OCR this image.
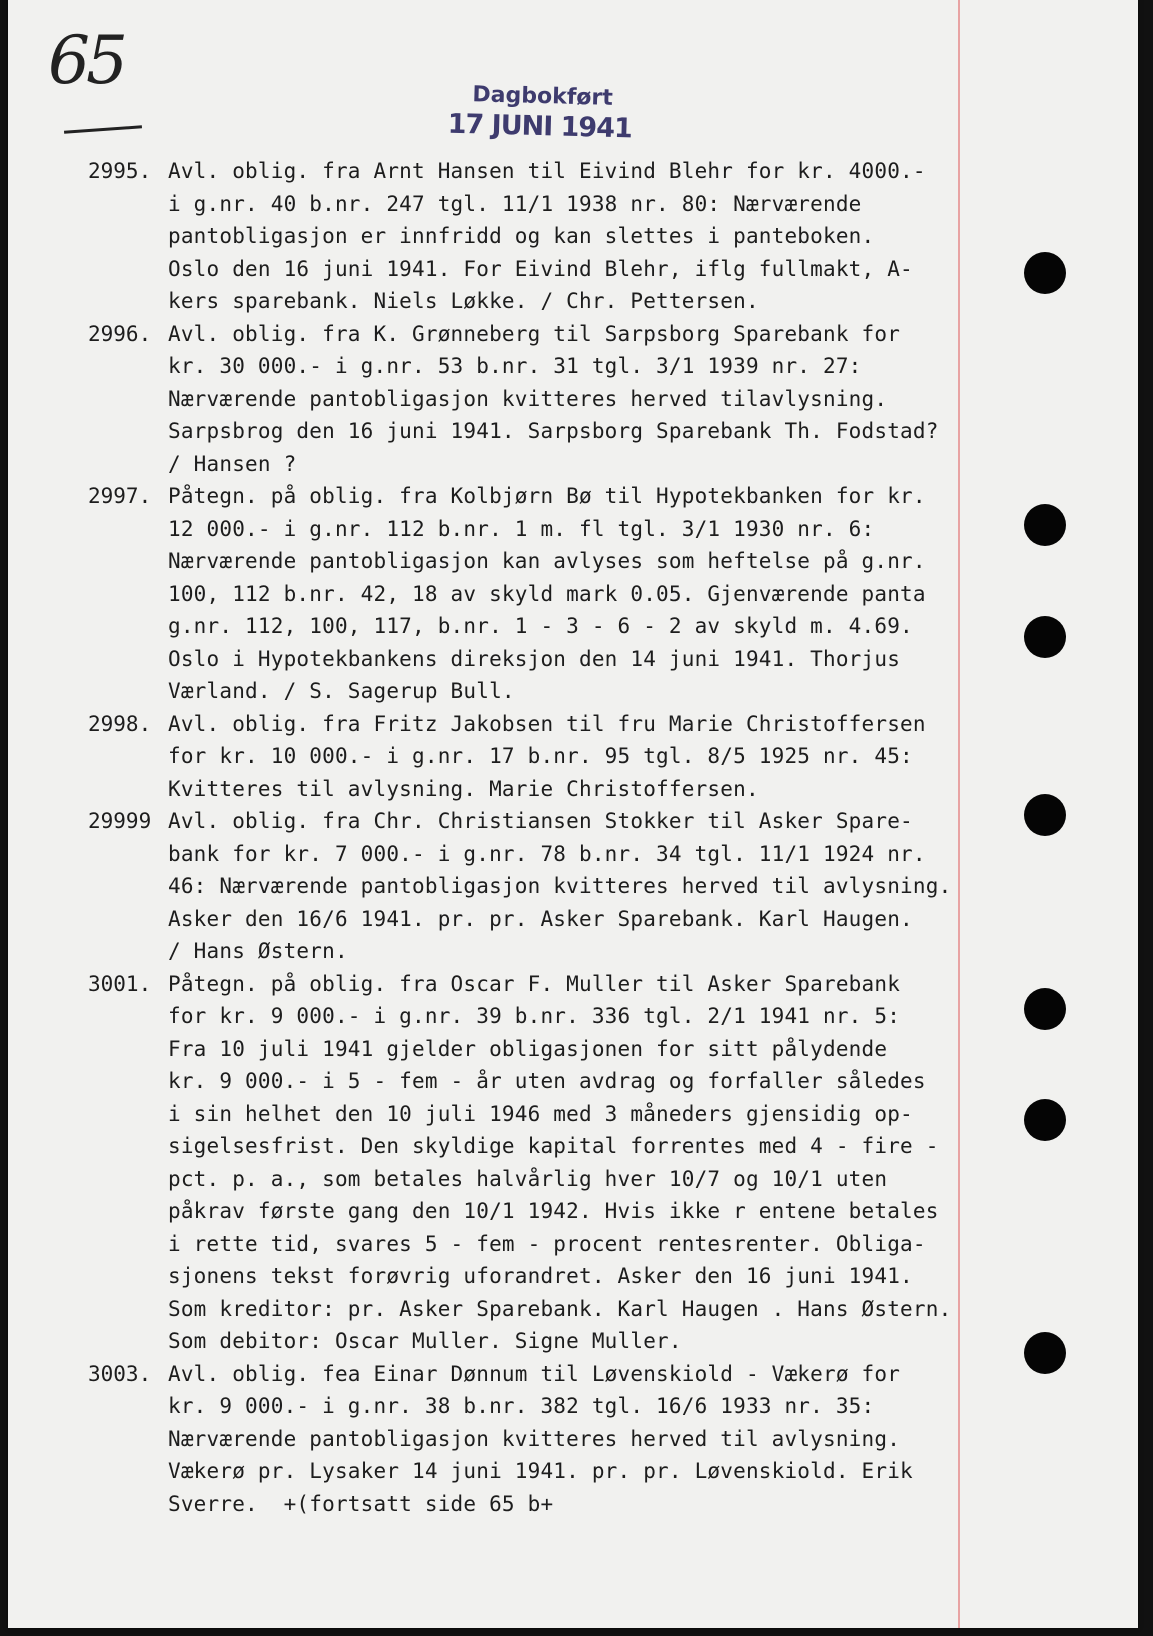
65	Dagbokført
17 JUNI 1941
2995. Avl. oblig. fra Arnt Hansen til Eivind Blehr for kr. 4000.-
i g.nr. 40 b.nr. 247 tgl. 11/1 1938 nr. 80: Nærværende
pantobligasjon er innfridd og kan slettes i panteboken.
Oslo den 16 juni 1941. For Eivind Blehr, iflg fullmakt, A-
kers sparebank. Niels Løkke. / Chr. Pettersen.
2996. Avl. oblig. fra K. Grønneberg til Sarpsborg Sparebank for
kr. 30 000.- i g.nr. 53 b.nr. 31 tgl. 3/1 1939 nr. 27:
Nærværende pantobligasjon kvitteres herved tilavlysning.
Sarpsbrog den 16 juni 1941. Sarpsborg Sparebank Th. Fodstad?
/ Hansen ?
2997. Påtegn. på oblig. fra Kolbjørn Bø til Hypotekbanken for kr.
12 000.- i g.nr. 112 b.nr. 1 m. fl tgl. 3/1 1930 nr. 6:
Nærværende pantobligasjon kan avlyses som heftelse på g.nr.
100, 112 b.nr. 42, 18 av skyld mark 0.05. Gjenværende panta
g.nr. 112, 100, 117, b.nr. 1 - 3 - 6 - 2 av skyld m. 4.69.
Oslo i Hypotekbankens direksjon den 14 juni 1941. Thorjus
Værland. / S. Sagerup Bull.
2998. Avl. oblig. fra Fritz Jakobsen til fru Marie Christoffersen
for kr. 10 000.- i g.nr. 17 b.nr. 95 tgl. 8/5 1925 nr. 45:
Kvitteres til avlysning. Marie Christoffersen.
29999 Avl. oblig. fra Chr. Christiansen Stokker til Asker Spare-
bank for kr. 7 000.- i g.nr. 78 b.nr. 34 tgl. 11/1 1924 nr.
46: Nærværende pantobligasjon kvitteres herved til avlysning.
Asker den 16/6 1941. pr. pr. Asker Sparebank. Karl Haugen.
/ Hans Østern.
3001. Påtegn. på oblig. fra Oscar F. Muller til Asker Sparebank
for kr. 9 000.- i g.nr. 39 b.nr. 336 tgl. 2/1 1941 nr. 5:
Fra 10 juli 1941 gjelder obligasjonen for sitt pålydende
kr. 9 000.- i 5 - fem - år uten avdrag og forfaller således
i sin helhet den 10 juli 1946 med 3 måneders gjensidig op-
sigelsesfrist. Den skyldige kapital forrentes med 4 - fire -
pct. p. a., som betales halvårlig hver 10/7 og 10/1 uten
påkrav første gang den 10/1 1942. Hvis ikke r entene betales
i rette tid, svares 5 - fem - procent rentesrenter. Obliga-
sjonens tekst forøvrig uforandret. Asker den 16 juni 1941.
Som kreditor: pr. Asker Sparebank. Karl Haugen . Hans Østern.
Som debitor: Oscar Muller. Signe Muller.
3003. Avl. oblig. fea Einar Dønnum til Løvenskiold - Vækerø for
kr. 9 000.- i g.nr. 38 b.nr. 382 tgl. 16/6 1933 nr. 35:
Nærværende pantobligasjon kvitteres herved til avlysning.
Vækerø pr. Lysaker 14 juni 1941. pr. pr. Løvenskiold. Erik
Sverre.  +(fortsatt side 65 b+
